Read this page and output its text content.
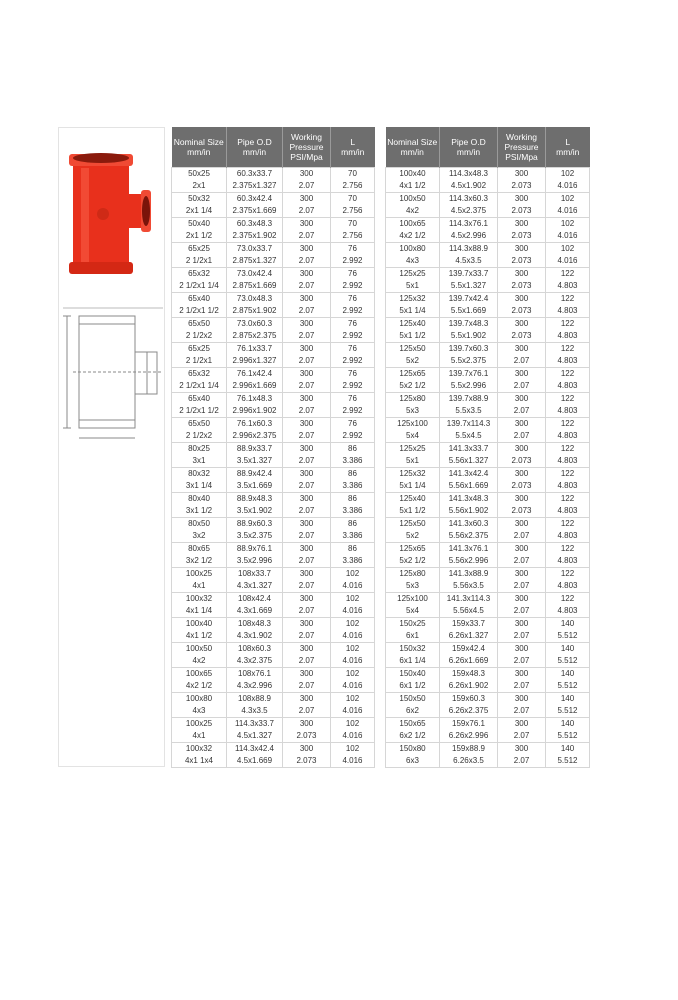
Nominal Size
mm/in	Pipe O.D
mm/in	Working
Pressure
PSI/Mpa	L
mm/in
50x25	60.3x33.7	300	70
2x1	2.375x1.327	2.07	2.756
50x32	60.3x42.4	300	70
2x1 1/4	2.375x1.669	2.07	2.756
50x40	60.3x48.3	300	70
2x1 1/2	2.375x1.902	2.07	2.756
65x25	73.0x33.7	300	76
2 1/2x1	2.875x1.327	2.07	2.992
65x32	73.0x42.4	300	76
2 1/2x1 1/4	2.875x1.669	2.07	2.992
65x40	73.0x48.3	300	76
2 1/2x1 1/2	2.875x1.902	2.07	2.992
65x50	73.0x60.3	300	76
2 1/2x2	2.875x2.375	2.07	2.992
65x25	76.1x33.7	300	76
2 1/2x1	2.996x1.327	2.07	2.992
65x32	76.1x42.4	300	76
2 1/2x1 1/4	2.996x1.669	2.07	2.992
65x40	76.1x48.3	300	76
2 1/2x1 1/2	2.996x1.902	2.07	2.992
65x50	76.1x60.3	300	76
2 1/2x2	2.996x2.375	2.07	2.992
80x25	88.9x33.7	300	86
3x1	3.5x1.327	2.07	3.386
80x32	88.9x42.4	300	86
3x1 1/4	3.5x1.669	2.07	3.386
80x40	88.9x48.3	300	86
3x1 1/2	3.5x1.902	2.07	3.386
80x50	88.9x60.3	300	86
3x2	3.5x2.375	2.07	3.386
80x65	88.9x76.1	300	86
3x2 1/2	3.5x2.996	2.07	3.386
100x25	108x33.7	300	102
4x1	4.3x1.327	2.07	4.016
100x32	108x42.4	300	102
4x1 1/4	4.3x1.669	2.07	4.016
100x40	108x48.3	300	102
4x1 1/2	4.3x1.902	2.07	4.016
100x50	108x60.3	300	102
4x2	4.3x2.375	2.07	4.016
100x65	108x76.1	300	102
4x2 1/2	4.3x2.996	2.07	4.016
100x80	108x88.9	300	102
4x3	4.3x3.5	2.07	4.016
100x25	114.3x33.7	300	102
4x1	4.5x1.327	2.073	4.016
100x32	114.3x42.4	300	102
4x1 1x4	4.5x1.669	2.073	4.016
Nominal Size
mm/in	Pipe O.D
mm/in	Working
Pressure
PSI/Mpa	L
mm/in
100x40	114.3x48.3	300	102
4x1 1/2	4.5x1.902	2.073	4.016
100x50	114.3x60.3	300	102
4x2	4.5x2.375	2.073	4.016
100x65	114.3x76.1	300	102
4x2 1/2	4.5x2.996	2.073	4.016
100x80	114.3x88.9	300	102
4x3	4.5x3.5	2.073	4.016
125x25	139.7x33.7	300	122
5x1	5.5x1.327	2.073	4.803
125x32	139.7x42.4	300	122
5x1 1/4	5.5x1.669	2.073	4.803
125x40	139.7x48.3	300	122
5x1 1/2	5.5x1.902	2.073	4.803
125x50	139.7x60.3	300	122
5x2	5.5x2.375	2.07	4.803
125x65	139.7x76.1	300	122
5x2 1/2	5.5x2.996	2.07	4.803
125x80	139.7x88.9	300	122
5x3	5.5x3.5	2.07	4.803
125x100	139.7x114.3	300	122
5x4	5.5x4.5	2.07	4.803
125x25	141.3x33.7	300	122
5x1	5.56x1.327	2.073	4.803
125x32	141.3x42.4	300	122
5x1 1/4	5.56x1.669	2.073	4.803
125x40	141.3x48.3	300	122
5x1 1/2	5.56x1.902	2.073	4.803
125x50	141.3x60.3	300	122
5x2	5.56x2.375	2.07	4.803
125x65	141.3x76.1	300	122
5x2 1/2	5.56x2.996	2.07	4.803
125x80	141.3x88.9	300	122
5x3	5.56x3.5	2.07	4.803
125x100	141.3x114.3	300	122
5x4	5.56x4.5	2.07	4.803
150x25	159x33.7	300	140
6x1	6.26x1.327	2.07	5.512
150x32	159x42.4	300	140
6x1 1/4	6.26x1.669	2.07	5.512
150x40	159x48.3	300	140
6x1 1/2	6.26x1.902	2.07	5.512
150x50	159x60.3	300	140
6x2	6.26x2.375	2.07	5.512
150x65	159x76.1	300	140
6x2 1/2	6.26x2.996	2.07	5.512
150x80	159x88.9	300	140
6x3	6.26x3.5	2.07	5.512
